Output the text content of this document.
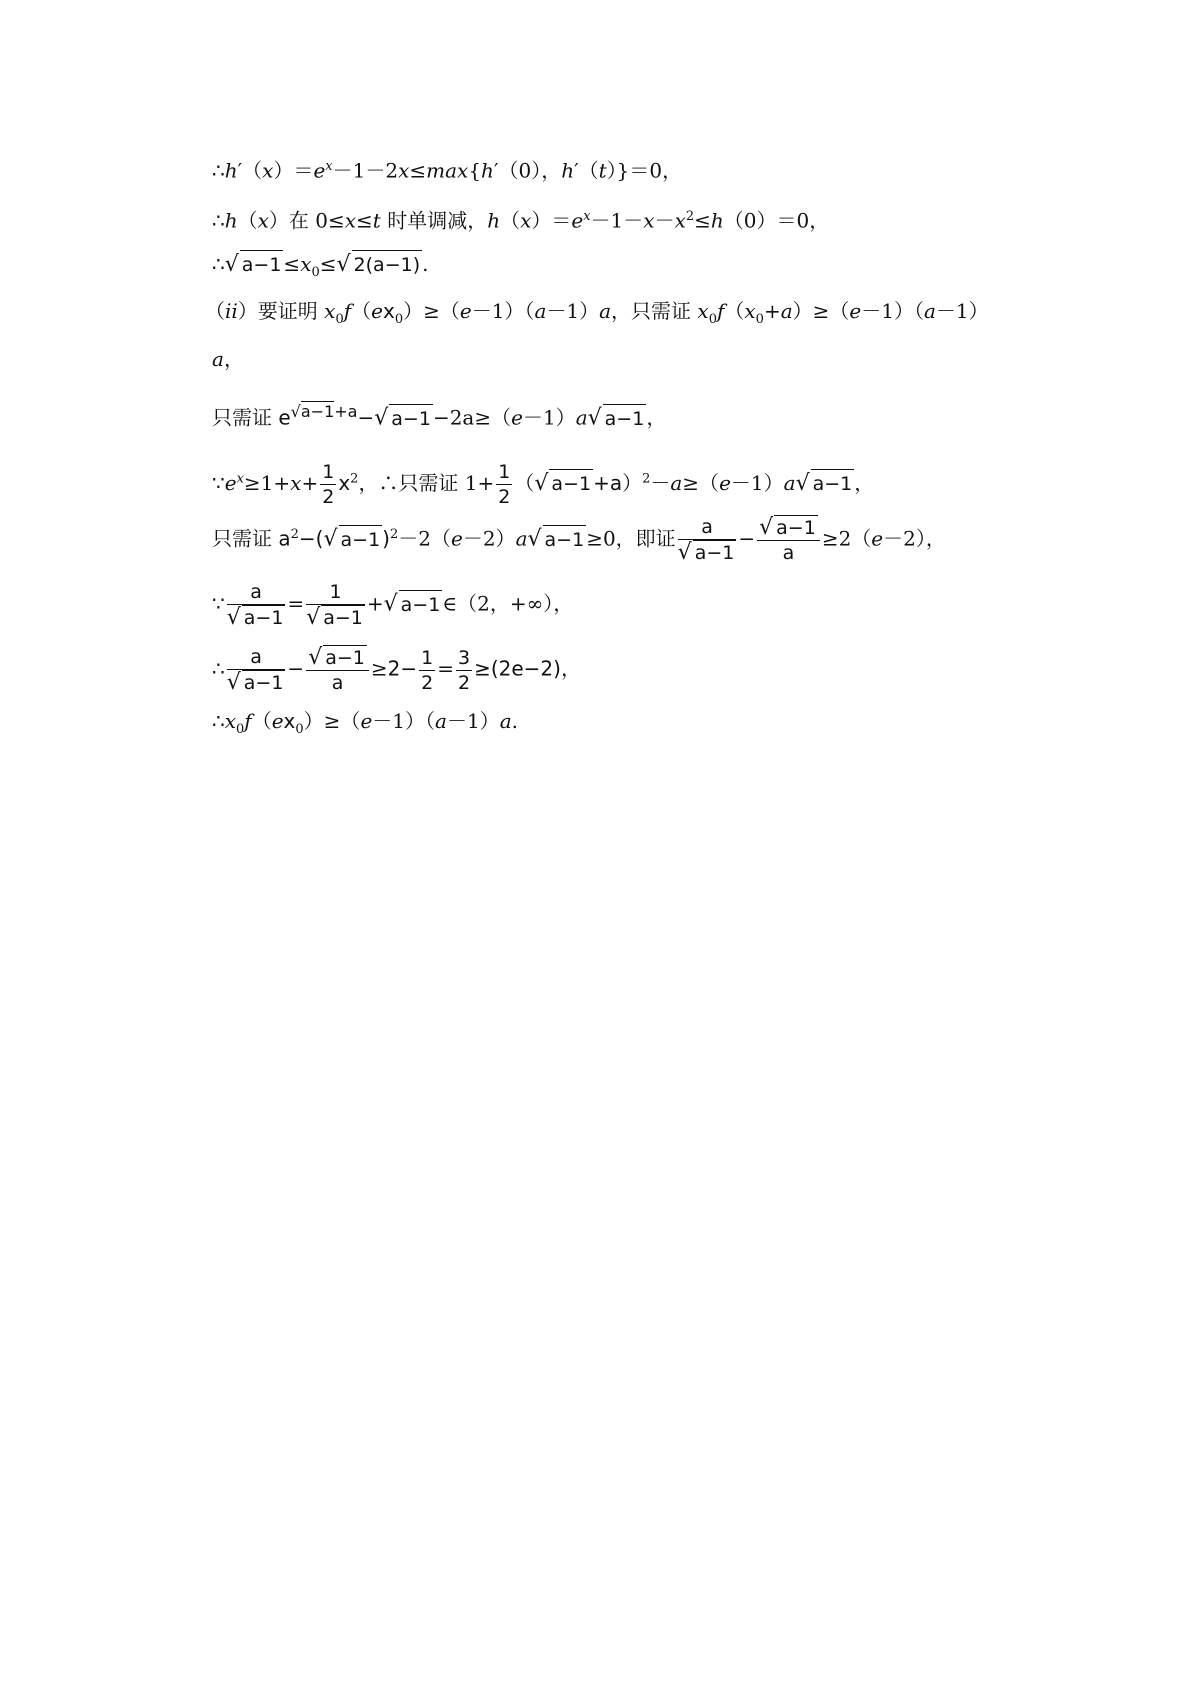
$\therefore h'(x)=e^x-1-2x\le\max\{h'(0)$，h′（t）}＝0，
∴h（x）在 0≤x≤t 时单调减，$h(x)=e^x-1-x-x^2\le h(0)=0$，
∴√ $a-1 \le x_0\le√$ 2(a−1) .
（ii）要证明 $x_0f(ex_0)\ge(e-1)(a-1)a$，只需证 $x_0f(x_0+a)\ge(e-1)(a-1)$
a，
只需证 $e^{√a-1+a}-√$ a−1 −2a≥（e－1）a√ a−1 ，
$\because e^x\ge 1+x+ \frac{1}{2} x^2$，∴只需证 $1+ \frac{1}{2}$ （√ a−1 +a）$^2$－a≥（e－1）a√ a−1 ，
只需证 $a^2-(√$ a−1 )$^2$－2（e－2）a√ a−1 ≥0，即证 $\frac{a}{√ a-1} - \frac{√ a-1}{a} \ge 2(e-2)$，
∵ $\frac{a}{√ a-1} = \frac{1}{√ a-1}$ +√ a−1 ∈（2，+∞），
∴ $\frac{a}{√ a-1} - \frac{√ a-1}{a} \ge 2- \frac{1}{2} = \frac{3}{2} \ge(2e-2)$，
$\therefore x_0f(ex_0)\ge(e-1)(a-1)a$.
